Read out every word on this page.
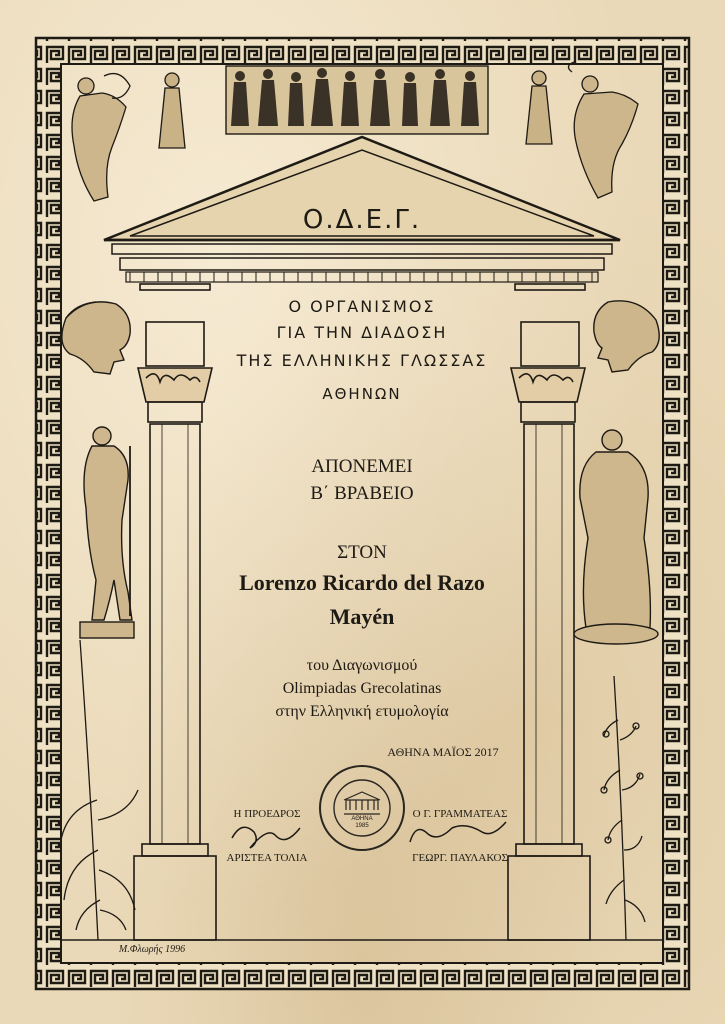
Ο.Δ.Ε.Γ.
Ο ΟΡΓΑΝΙΣΜΟΣ
ΓΙΑ ΤΗΝ ΔΙΑΔΟΣΗ
ΤΗΣ ΕΛΛΗΝΙΚΗΣ ΓΛΩΣΣΑΣ
ΑΘΗΝΩΝ
ΑΠΟΝΕΜΕΙ
Β΄ ΒΡΑΒΕΙΟ
ΣΤΟΝ
Lorenzo Ricardo del Razo
Mayén
του Διαγωνισμού
Olimpiadas Grecolatinas
στην Ελληνική ετυμολογία
ΑΘΗΝΑ ΜΑΪΟΣ 2017
Η ΠΡΟΕΔΡΟΣ
ΑΡΙΣΤΕΑ ΤΟΛΙΑ
Ο Γ. ΓΡΑΜΜΑΤΕΑΣ
ΓΕΩΡΓ. ΠΑΥΛΑΚΟΣ
ΑΘΗΝΑ
1985
Μ.Φλωρής 1996
